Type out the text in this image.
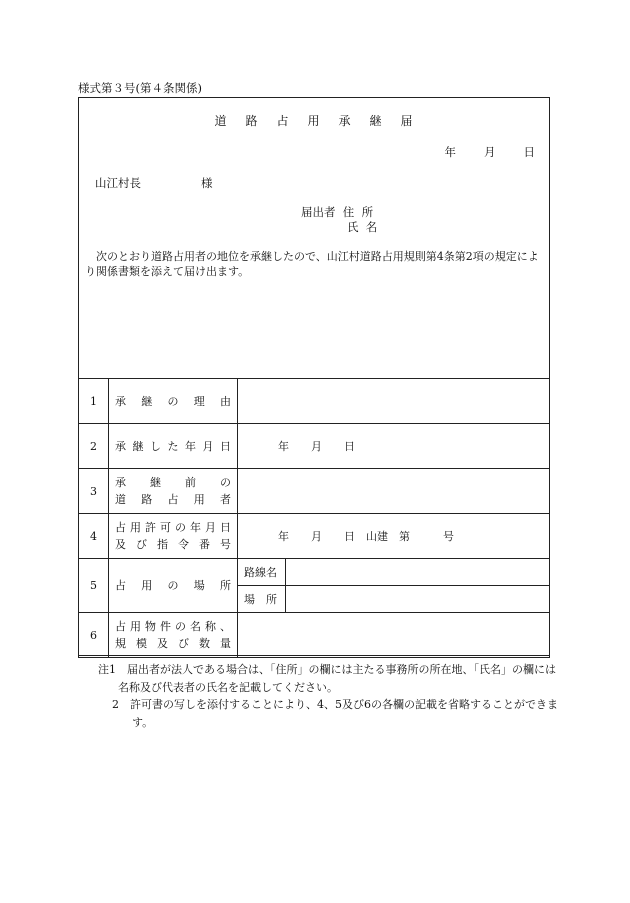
様式第３号(第４条関係)
道 路 占 用 承 継 届
年 月 日
山江村長	様
届出者  住  所
氏  名
次のとおり道路占用者の地位を承継したので、山江村道路占用規則第4条第2項の規定により関係書類を添えて届け出ます。
1	承　継　の　理　由		

2	承継した年月日	年　　月　　日	
3	承　継　前　の
道　路　占　用　者		

4	占用許可の年月日
及び指令番号	年　　月　　日　山建　第　　　号	
5	占　用　の　場　所	路線名	
		場　所	
6	占用物件の名称、
規模及び数量		

注1　届出者が法人である場合は、「住所」の欄には主たる事務所の所在地、「氏名」の欄には名称及び代表者の氏名を記載してください。
2　許可書の写しを添付することにより、4、5及び6の各欄の記載を省略することができます。
